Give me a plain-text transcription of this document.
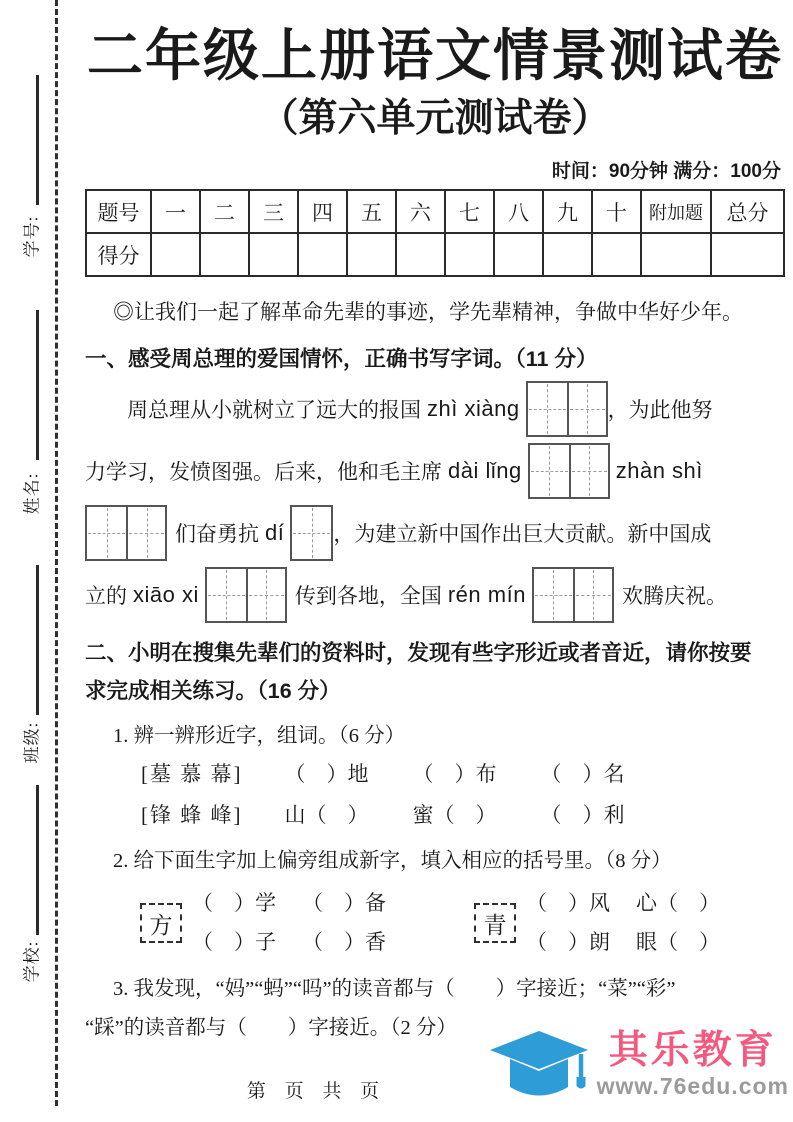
学号:
姓名:
班级:
学校:
二年级上册语文情景测试卷
（第六单元测试卷）
时间：90分钟 满分：100分
题号	一	二	三	四	五	六	七	八	九	十	附加题	总分
得分												

◎让我们一起了解革命先辈的事迹，学先辈精神，争做中华好少年。

一、感受周总理的爱国情怀，正确书写字词。（11 分）
周总理从小就树立了远大的报国 zhì xiàng	，为此他努
力学习，发愤图强。后来，他和毛主席 dài lǐng	zhàn shì
们奋勇抗 dí ，为建立新中国作出巨大贡献。新中国成
立的 xiāo xi	传到各地，全国 rén mín	欢腾庆祝。
二、小明在搜集先辈们的资料时，发现有些字形近或者音近，请你按要
求完成相关练习。（16 分）
1. 辨一辨形近字，组词。（6 分）
[墓 慕 幕] （　）地 （　）布 （　）名
[锋 蜂 峰] 山（　） 蜜（　） （　）利
2. 给下面生字加上偏旁组成新字，填入相应的括号里。（8 分）
方
（　）学 （　）备
（　）子 （　）香
青
（　）风 心（　）
（　）朗 眼（　）
3. 我发现，“妈”“蚂”“吗”的读音都与（　　）字接近；“菜”“彩”
“踩”的读音都与（　　）字接近。（2 分）
第 页 共 页
其乐教育
www.76edu.com
